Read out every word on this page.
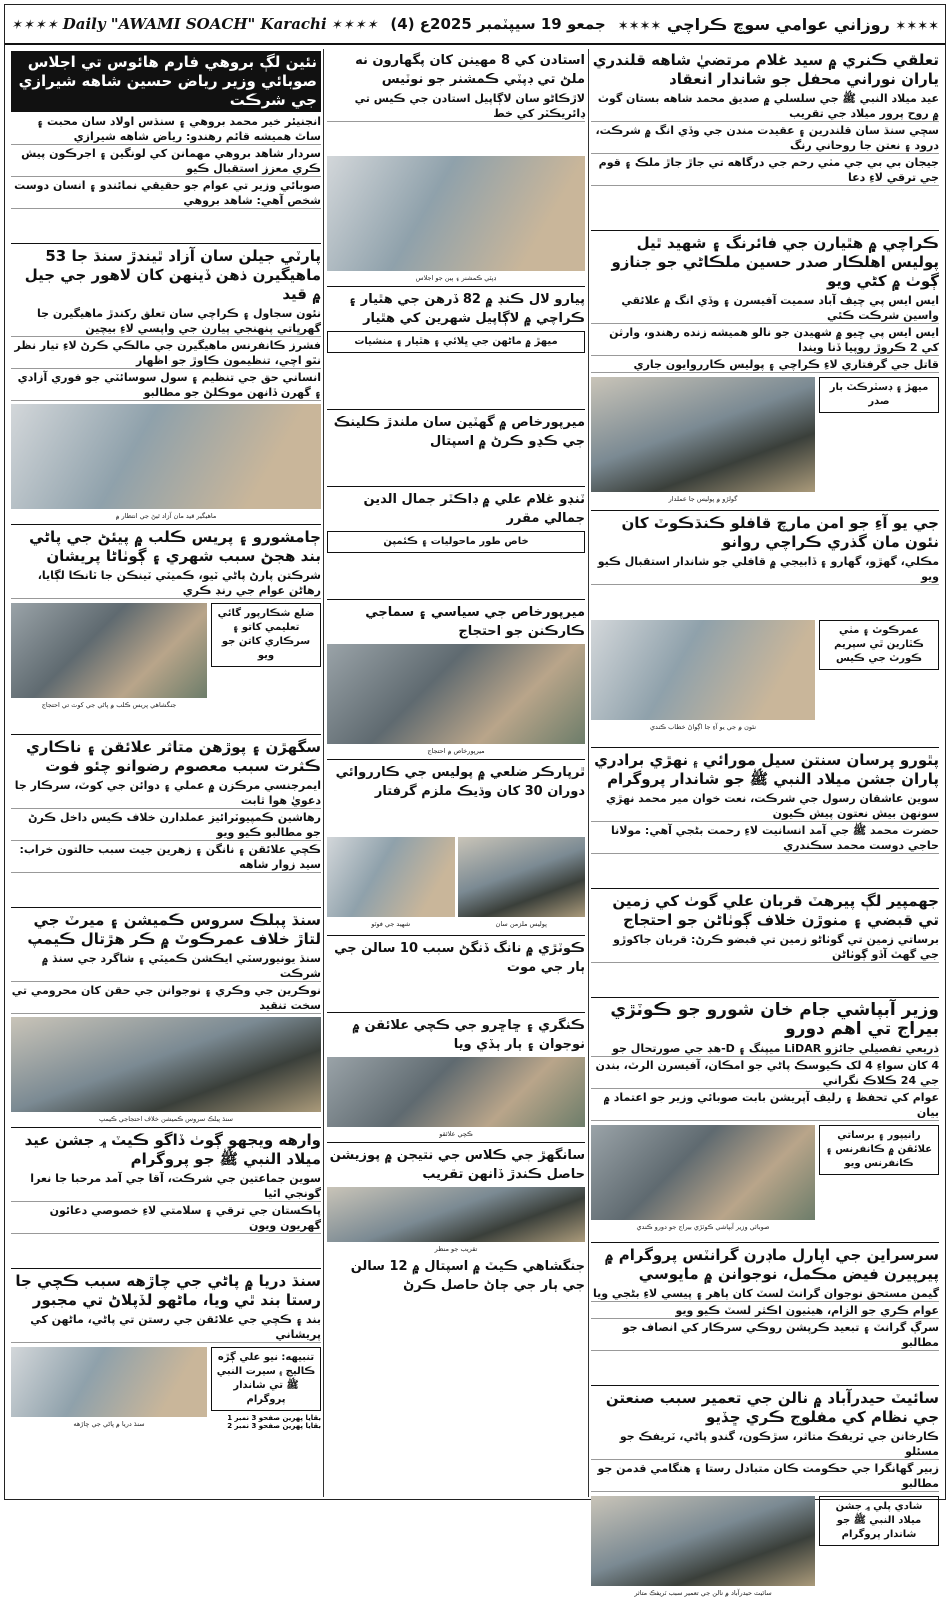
✶✶✶✶ Daily "AWAMI SOACH" Karachi ✶✶✶✶	جمعو 19 سيپٽمبر 2025ع (4)	✶✶✶✶ روزاني عوامي سوچ ڪراچي ✶✶✶✶
تعلقي ڪنري ۾ سيد غلام مرتضيٰ شاهه قلندري ياران نوراني محفل جو شاندار انعقاد
عيد ميلاد النبي ﷺ جي سلسلي ۾ صديق محمد شاهه بستان گوٺ ۾ روح پرور ميلاد جي تقريب
سچي سنڌ سان قلندرين ۽ عقيدت مندن جي وڏي انگ ۾ شرڪت، درود ۽ نعتن جا روحاني رنگ
جيجان بي بي جي مٺي رحم جي درگاهه تي جاڙ جاڙ ملڪ ۽ قوم جي ترقي لاءِ دعا

ڪراچي ۾ هٿيارن جي فائرنگ ۽ شهيد ٿيل پوليس اهلڪار صدر حسين ملڪاڻي جو جنازو ڳوٺ ۾ کڻي ويو
ايس ايس پي چيف آباد سميت آفيسرن ۽ وڏي انگ ۾ علائقي واسين شرڪت ڪئي
ايس ايس پي ڇيو ۾ شهيدن جو نالو هميشه زنده رهندو، وارثن کي 2 ڪروڙ روپيا ڏنا ويندا
قاتل جي گرفتاري لاءِ ڪراچي ۽ پوليس ڪارروايون جاري
ميهڙ ۽ ڊسٽرڪٽ بار صدر

گولڙو ۾ پوليس جا عملدار
جي يو آءِ جو امن مارچ قافلو ڪنڌڪوٽ کان نئون مان گذري ڪراچي روانو
مڪلي، گهڙو، گهارو ۽ ڏابيجي ۾ قافلي جو شاندار استقبال ڪيو ويو

عمرڪوٽ ۽ مٺي ڪٽارين ٿي سپريم ڪورٽ جي ڪيس

نئون ۾ جي يو آءِ جا اڳواڻ خطاب ڪندي
پٿورو پرسان سنتن سيل مورائي ۽ نهڙي برادري پاران جشن ميلاد النبي ﷺ جو شاندار پروگرام
سوين عاشقان رسول جي شرڪت، نعت خوان مير محمد نهڙي سونهن بيش نعتون پيش ڪيون
حضرت محمد ﷺ جي آمد انسانيت لاءِ رحمت بڻجي آهي: مولانا حاجي دوست محمد سڪندري

جهمپير لڳ پيرهٽ قربان علي گوٺ کي زمين تي قبضي ۽ منوڙن خلاف ڳوٺاڻن جو احتجاج
برساتي زمين تي گوٺاڻو زمين تي قبضو ڪرڻ: قربان جاکوڙو جي گهٽ آڏو ڳوٺاڻن

وزير آبپاشي جام خان شورو جو ڪوٽڙي بيراج تي اهم دورو
ذريعي تفصيلي جائزو LiDAR ميپنگ ۽ D-هڊ جي صورتحال جو
4 کان سواءِ 4 لک ڪيوسڪ پاڻي جو امڪان، آفيسرن الرٽ، بندن جي 24 ڪلاڪ نگراني
عوام کي تحفظ ۽ رليف آپريشن بابت صوبائي وزير جو اعتماد ۾ بيان
رانيپور ۽ برساتي علائقن ۾ ڪانفرنس ۽ ڪانفرنس ويو

صوبائي وزير آبپاشي ڪوٽڙي بيراج جو دورو ڪندي
سرسراين جي اپارل ماڊرن گرانٽس پروگرام ۾ پيرپيرن فيض مڪمل، نوجوانن ۾ مايوسي
گيمن مستحق نوجوان گرانٽ لسٽ کان ٻاهر ۽ پيسي لاءِ بڻجي ويا
عوام ڪري جو الزام، هيٺيون اڪثر لسٽ ڪيو ويو
سرڳ گرانٽ ۽ تبعيد ڪرپشن روڪي سرڪار کي انصاف جو مطالبو

سائيٽ حيدرآباد ۾ نالن جي تعمير سبب صنعتن جي نظام کي مفلوج ڪري ڇڏيو
ڪارخانن جي ٽريفڪ متاثر، سڙڪون، گندو پاڻي، ٽريفڪ جو مسئلو
زبير گهانگرا جي حڪومت ڪان متبادل رستا ۽ هنگامي قدمن جو مطالبو
شادي پلي ۾ جشن ميلاد النبي ﷺ جو شاندار پروگرام

سائيٽ حيدرآباد ۾ نالن جي تعمير سبب ٽريفڪ متاثر
استادن کي 8 مهينن کان پگهارون نه ملڻ تي ڊپٽي ڪمشنر جو نوٽيس
لاڙڪاڻو سان لاڳاپيل استادن جي ڪيس تي ڊائريڪٽر کي خط

ڊپٽي ڪمشنر ۽ ٻين جو اجلاس
پيارو لال ڪنڊ ۾ 82 ڏرهن جي هٿيار ۽ ڪراچي ۾ لاڳاپيل شهرين کي هٿيار
ميهڙ ۾ ماڻهن جي ڀلائي ۽ هٿيار ۽ منشيات

ميرپورخاص ۾ گهٽين سان ملندڙ ڪلينڪ جي ڪڍو ڪرڻ ۾ اسپتال

ٽنڊو غلام علي ۾ ڊاڪٽر جمال الدين جمالي مقرر
خاص طور ماحوليات ۽ ڪئمپن

ميرپورخاص جي سياسي ۽ سماجي ڪارڪنن جو احتجاج
ميرپورخاص ۾ احتجاج
ٿرپارڪر ضلعي ۾ پوليس جي ڪارروائي دوران 30 کان وڌيڪ ملزم گرفتار

پوليس ملزمن سان
شهيد جي فوٽو
ڪوٽڙي ۾ نانگ ڏنگڻ سبب 10 سالن جي ٻار جي موت

ڪنگري ۽ ڇاڇرو جي ڪچي علائقن ۾ نوجوان ۽ ٻار ٻڏي ويا
ڪچي علائقو
سانگهڙ جي ڪلاس جي نتيجن ۾ پوزيشن حاصل ڪندڙ ڏانهن تقريب
تقريب جو منظر
جنگشاهي ڪيٽ ۾ اسپتال ۾ 12 سالن جي ٻار جي ڄاڻ حاصل ڪرڻ

نئين لڳ بروهي فارم هائوس تي اجلاس صوبائي وزير رياض حسين شاهه شيرازي جي شرڪت
انجنيئر خير محمد بروهي ۽ سنڌس اولاد سان محبت ۽ ساٿ هميشه قائم رهندو: رياض شاهه شيرازي
سردار شاهد بروهي مهمانن کي لونگين ۽ اجرڪون پيش ڪري معزز استقبال ڪيو
صوبائي وزير تي عوام جو حقيقي نمائندو ۽ انسان دوست شخص آهي: شاهد بروهي

پارٽي جيلن سان آزاد ٿيندڙ سنڌ جا 53 ماهيگيرن ذهن ڏينهن کان لاهور جي جيل ۾ قيد
نئون سجاول ۽ ڪراچي سان تعلق رکندڙ ماهيگيرن جا گهرڀاتي پنهنجي پيارن جي واپسي لاءِ بيچين
فشرز ڪانفرنس ماهيگيرن جي مالڪي ڪرڻ لاءِ تيار نظر نٿو اچي، تنظيمون ڪاوڙ جو اظهار
انساني حق جي تنظيم ۽ سول سوسائٽي جو فوري آزادي ۽ گهرن ڏانهن موڪلڻ جو مطالبو
ماهيگير قيد مان آزاد ٿيڻ جي انتظار ۾
ڄامشورو ۽ پريس ڪلب ۾ پيئڻ جي پاڻي بند هجڻ سبب شهري ۽ ڳوٺاڻا پريشان
شرڪتن پارڻ پاڻي ٽيو، ڪميٽي ٽينڪن جا ٽانڪا لڳايا، رهاڻن عوام جي رنڊ ڪري
ضلع شڪارپور گائي تعليمي کاتو ۽ سرڪاري کاتن جو ويو

جنگشاهي پريس ڪلب ۾ پاڻي جي کوٽ تي احتجاج
سگهڙن ۽ پوڙهن متاثر علائقن ۽ ناڪاري ڪثرت سبب معصوم رضوانو چئو فوت
ايمرجنسي مرڪزن ۾ عملي ۽ دوائن جي کوٽ، سرڪار جا دعويٰ هوا ثابت
رهاشين ڪمپيوٽرائيز عملدارن خلاف ڪيس داخل ڪرڻ جو مطالبو ڪيو ويو
ڪچي علائقن ۽ نانگن ۽ زهرين جيت سبب حالتون خراب: سيد زوار شاهه

سنڌ پبلڪ سروس ڪميشن ۽ ميرٽ جي لتاڙ خلاف عمرڪوٽ ۾ ڪر هڙتال ڪيمپ
سنڌ يونيورسٽي ايڪشن ڪميٽي ۽ شاگرد جي سنڌ ۾ شرڪت
نوڪرين جي وڪري ۽ نوجوانن جي حقن کان محرومي تي سخت تنقيد
سنڌ پبلڪ سروس ڪميشن خلاف احتجاجي ڪيمپ
وارهه ويجهو ڳوٺ ڏاگو ڪيٽ ۾ جشن عيد ميلاد النبي ﷺ جو پروگرام
سوين جماعتين جي شرڪت، آقا جي آمد مرحبا جا نعرا گونجي اٿيا
پاڪستان جي ترقي ۽ سلامتي لاءِ خصوصي دعائون گهريون ويون

سنڌ دريا ۾ پاڻي جي چاڙهه سبب ڪچي جا رستا بند ٿي ويا، ماڻهو لڏپلاڻ تي مجبور
بند ۽ ڪچي جي علائقن جي رستن تي پاڻي، ماڻهن کي پريشاني
تنبيهه: نيو علي ڳڙه ڪاليج ۽ سيرت النبي ﷺ تي شاندار پروگرام
بقايا پهرين صفحو 3 نمبر 1
بقايا پهرين صفحو 3 نمبر 2
سنڌ دريا ۾ پاڻي جي چاڙهه
